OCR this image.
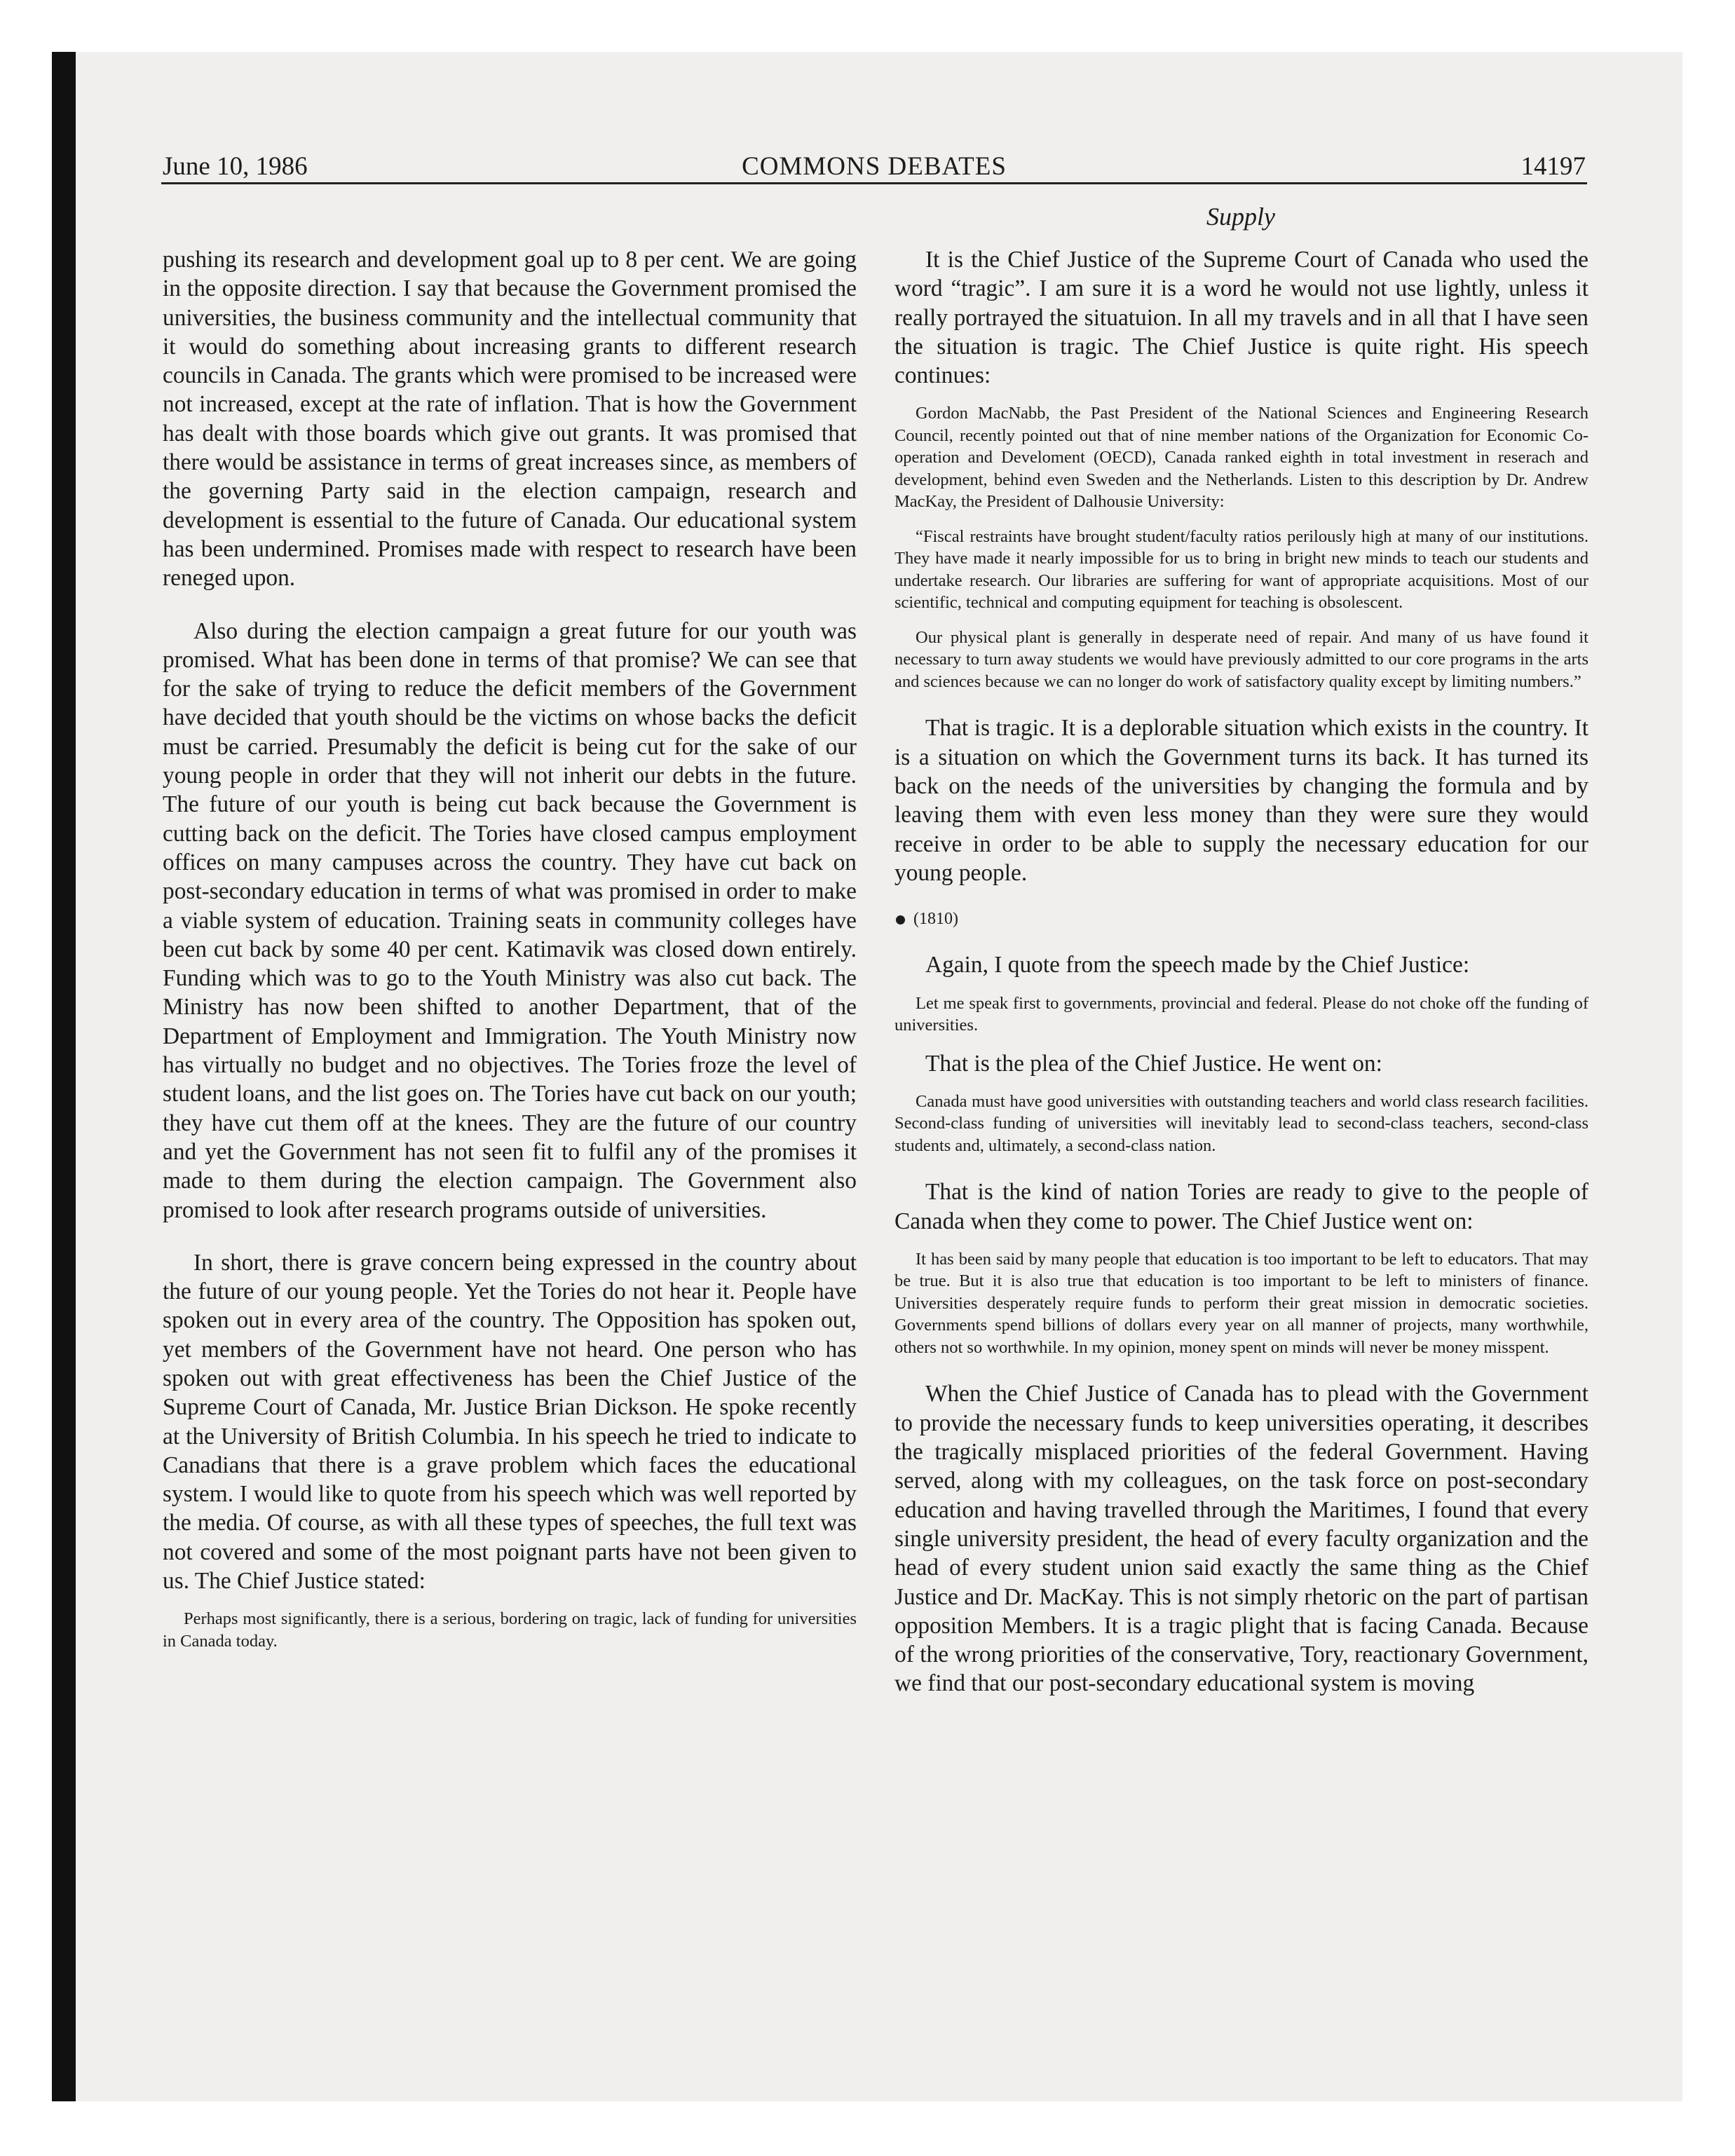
June 10, 1986	COMMONS DEBATES	14197
Supply

pushing its research and development goal up to 8 per cent. We are going in the opposite direction. I say that because the Government promised the universities, the business community and the intellectual community that it would do something about increasing grants to different research councils in Canada. The grants which were promised to be increased were not increased, except at the rate of inflation. That is how the Government has dealt with those boards which give out grants. It was promised that there would be assistance in terms of great increases since, as members of the governing Party said in the election campaign, research and development is essential to the future of Canada. Our educational system has been undermined. Promises made with respect to research have been reneged upon.

Also during the election campaign a great future for our youth was promised. What has been done in terms of that promise? We can see that for the sake of trying to reduce the deficit members of the Government have decided that youth should be the victims on whose backs the deficit must be carried. Presumably the deficit is being cut for the sake of our young people in order that they will not inherit our debts in the future. The future of our youth is being cut back because the Government is cutting back on the deficit. The Tories have closed campus employment offices on many campuses across the country. They have cut back on post-secondary education in terms of what was promised in order to make a viable system of education. Training seats in community colleges have been cut back by some 40 per cent. Katimavik was closed down entirely. Funding which was to go to the Youth Ministry was also cut back. The Ministry has now been shifted to another Department, that of the Department of Employment and Immigration. The Youth Ministry now has virtually no budget and no objectives. The Tories froze the level of student loans, and the list goes on. The Tories have cut back on our youth; they have cut them off at the knees. They are the future of our country and yet the Government has not seen fit to fulfil any of the promises it made to them during the election campaign. The Government also promised to look after research programs outside of universities.

In short, there is grave concern being expressed in the country about the future of our young people. Yet the Tories do not hear it. People have spoken out in every area of the country. The Opposition has spoken out, yet members of the Government have not heard. One person who has spoken out with great effectiveness has been the Chief Justice of the Supreme Court of Canada, Mr. Justice Brian Dickson. He spoke recently at the University of British Columbia. In his speech he tried to indicate to Canadians that there is a grave problem which faces the educational system. I would like to quote from his speech which was well reported by the media. Of course, as with all these types of speeches, the full text was not covered and some of the most poignant parts have not been given to us. The Chief Justice stated:

Perhaps most significantly, there is a serious, bordering on tragic, lack of funding for universities in Canada today.

It is the Chief Justice of the Supreme Court of Canada who used the word “tragic”. I am sure it is a word he would not use lightly, unless it really portrayed the situatuion. In all my travels and in all that I have seen the situation is tragic. The Chief Justice is quite right. His speech continues:

Gordon MacNabb, the Past President of the National Sciences and Engineering Research Council, recently pointed out that of nine member nations of the Organization for Economic Co-operation and Develoment (OECD), Canada ranked eighth in total investment in reserach and development, behind even Sweden and the Netherlands. Listen to this description by Dr. Andrew MacKay, the President of Dalhousie University:

“Fiscal restraints have brought student/faculty ratios perilously high at many of our institutions. They have made it nearly impossible for us to bring in bright new minds to teach our students and undertake research. Our libraries are suffering for want of appropriate acquisitions. Most of our scientific, technical and computing equipment for teaching is obsolescent.

Our physical plant is generally in desperate need of repair. And many of us have found it necessary to turn away students we would have previously admitted to our core programs in the arts and sciences because we can no longer do work of satisfactory quality except by limiting numbers.”

That is tragic. It is a deplorable situation which exists in the country. It is a situation on which the Government turns its back. It has turned its back on the needs of the universities by changing the formula and by leaving them with even less money than they were sure they would receive in order to be able to supply the necessary education for our young people.

(1810)

Again, I quote from the speech made by the Chief Justice:

Let me speak first to governments, provincial and federal. Please do not choke off the funding of universities.

That is the plea of the Chief Justice. He went on:

Canada must have good universities with outstanding teachers and world class research facilities. Second-class funding of universities will inevitably lead to second-class teachers, second-class students and, ultimately, a second-class nation.

That is the kind of nation Tories are ready to give to the people of Canada when they come to power. The Chief Justice went on:

It has been said by many people that education is too important to be left to educators. That may be true. But it is also true that education is too important to be left to ministers of finance. Universities desperately require funds to perform their great mission in democratic societies. Governments spend billions of dollars every year on all manner of projects, many worthwhile, others not so worthwhile. In my opinion, money spent on minds will never be money misspent.

When the Chief Justice of Canada has to plead with the Government to provide the necessary funds to keep universities operating, it describes the tragically misplaced priorities of the federal Government. Having served, along with my colleagues, on the task force on post-secondary education and having travelled through the Maritimes, I found that every single university president, the head of every faculty organization and the head of every student union said exactly the same thing as the Chief Justice and Dr. MacKay. This is not simply rhetoric on the part of partisan opposition Members. It is a tragic plight that is facing Canada. Because of the wrong priorities of the conservative, Tory, reactionary Government, we find that our post-secondary educational system is moving
